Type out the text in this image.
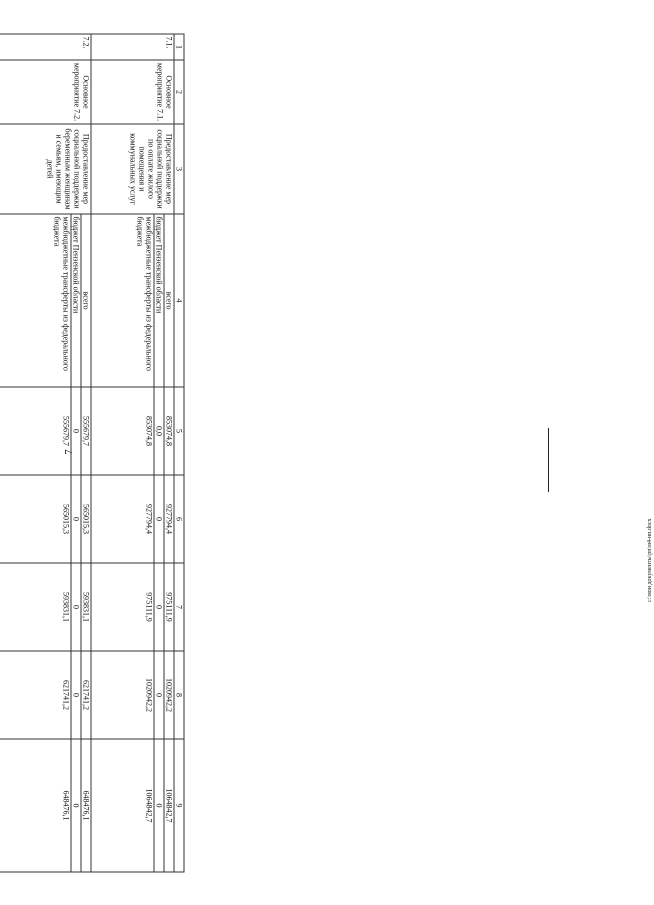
7
c:\мои документы\рп\м4-нп.docx
1	2	3	4	5	6	7	8	9
7.1.	Основное мероприятие 7.1.	Предоставление мер социальной поддержки по оплате жилого помещения и коммунальных услуг	всего	853074,8	927794,4	975111,9	1020942,2	1064842,7
			бюджет Пензенской области	0,0	0	0	0	0
			межбюджетные трансферты из федерального бюджета	853074,8	927794,4	975111,9	1020942,2	1064842,7
7.2.	Основное мероприятие 7.2.	Предоставление мер социальной поддержки беременным женщинам и семьям, имеющим детей	всего	555679,7	565015,3	593831,1	621741,2	648476,1
			бюджет Пензенской области	0	0	0	0	0
			межбюджетные трансферты из федерального бюджета	555679,7	565015,3	593831,1	621741,2	648476,1
